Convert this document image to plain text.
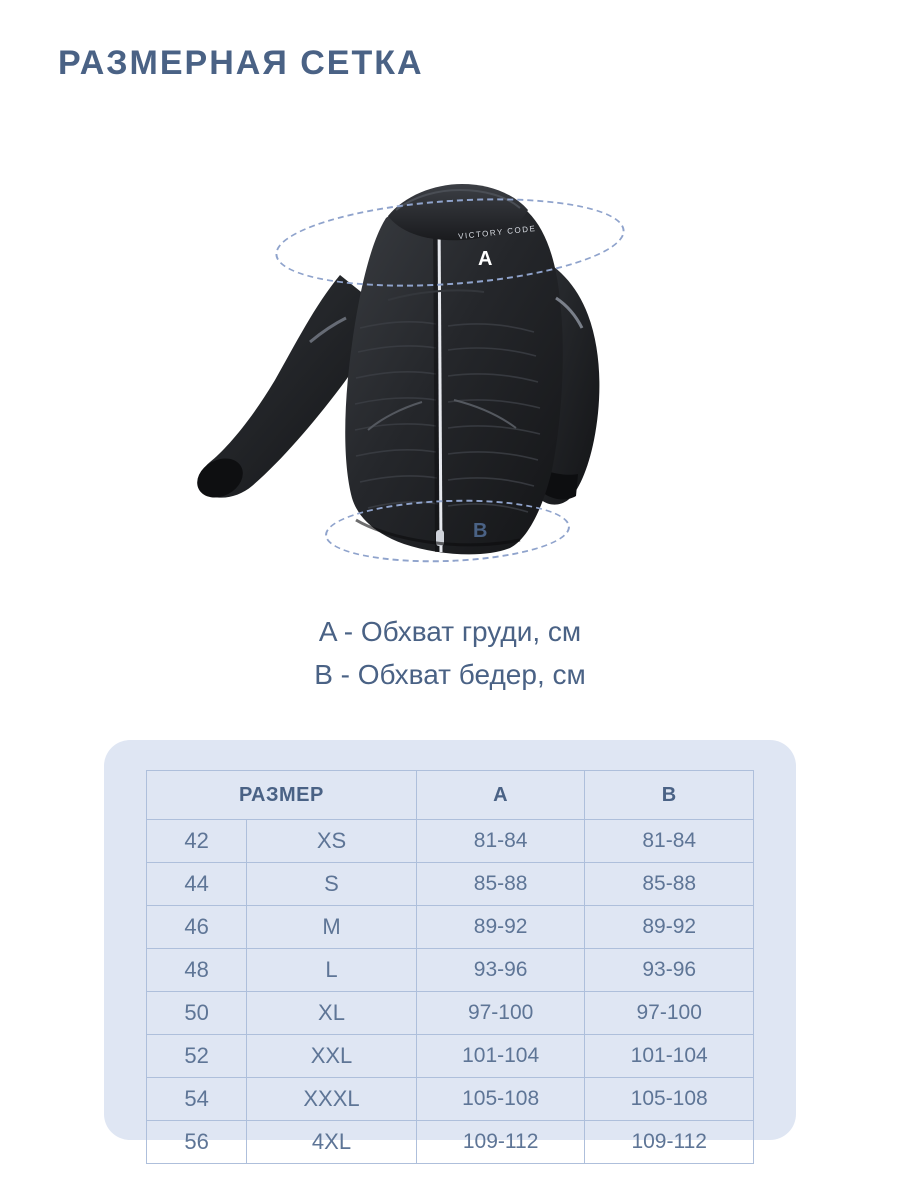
РАЗМЕРНАЯ СЕТКА
VICTORY CODE
A
B
A - Обхват груди, см
B - Обхват бедер, см
РАЗМЕР		A	B
42	XS	81-84	81-84
44	S	85-88	85-88
46	M	89-92	89-92
48	L	93-96	93-96
50	XL	97-100	97-100
52	XXL	101-104	101-104
54	XXXL	105-108	105-108
56	4XL	109-112	109-112
